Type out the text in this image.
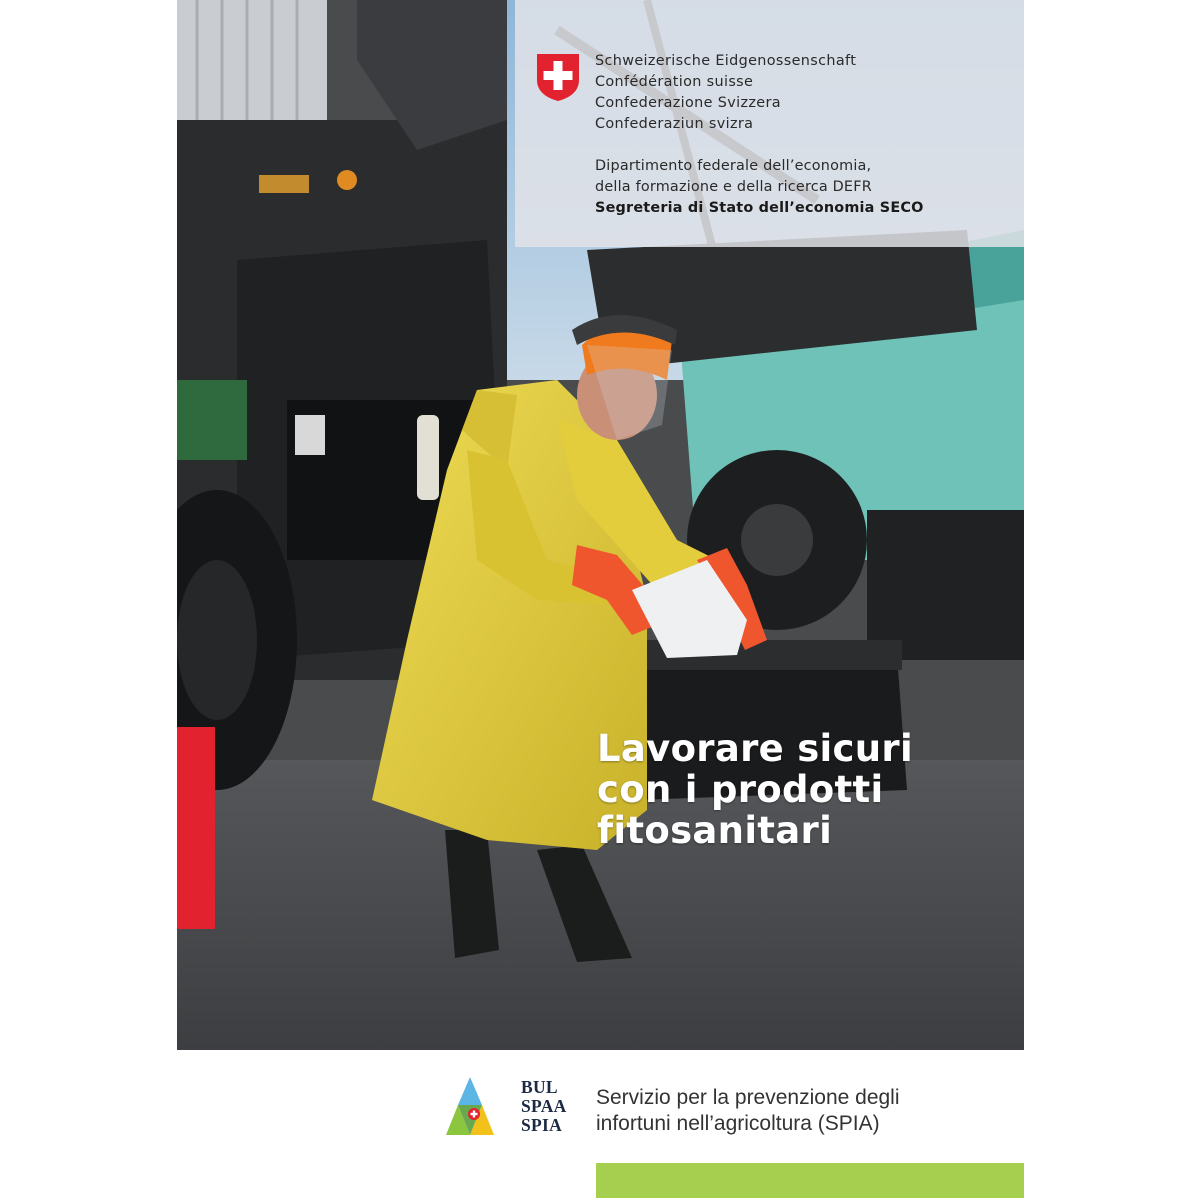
Schweizerische Eidgenossenschaft
Confédération suisse
Confederazione Svizzera
Confederaziun svizra
Dipartimento federale dell’economia,
della formazione e della ricerca DEFR
Segreteria di Stato dell’economia SECO
Lavorare sicuri
con i prodotti
fitosanitari
BUL
SPAA
SPIA
Servizio per la prevenzione degli
infortuni nell’agricoltura (SPIA)
